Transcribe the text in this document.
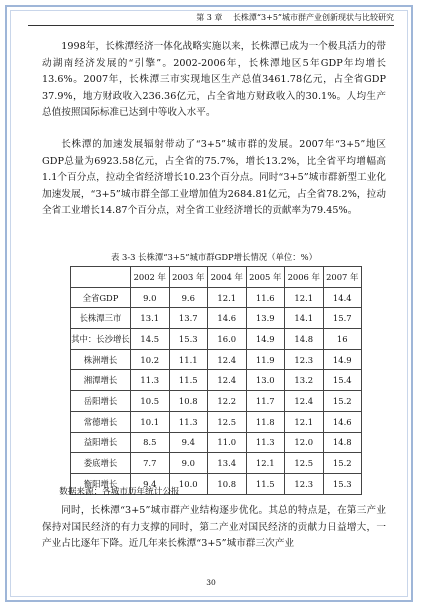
第 3 章 长株潭“3+5”城市群产业创新现状与比较研究

1998年，长株潭经济一体化战略实施以来，长株潭已成为一个极具活力的带动湖南经济发展的“引擎”。2002-2006年，长株潭地区5年GDP年均增长13.6%。2007年，长株潭三市实现地区生产总值3461.78亿元，占全省GDP 37.9%，地方财政收入236.36亿元，占全省地方财政收入的30.1%。人均生产总值按照国际标准已达到中等收入水平。

长株潭的加速发展辐射带动了“3+5”城市群的发展。2007年“3+5”地区GDP总量为6923.58亿元，占全省的75.7%，增长13.2%，比全省平均增幅高1.1个百分点，拉动全省经济增长10.23个百分点。同时“3+5”城市群新型工业化加速发展，“3+5”城市群全部工业增加值为2684.81亿元，占全省78.2%，拉动全省工业增长14.87个百分点，对全省工业经济增长的贡献率为79.45%。

表 3-3 长株潭“3+5”城市群GDP增长情况（单位：%）
	2002 年	2003 年	2004 年	2005 年	2006 年	2007 年
全省GDP	9.0	9.6	12.1	11.6	12.1	14.4
长株潭三市	13.1	13.7	14.6	13.9	14.1	15.7
其中：长沙增长	14.5	15.3	16.0	14.9	14.8	16
株洲增长	10.2	11.1	12.4	11.9	12.3	14.9
湘潭增长	11.3	11.5	12.4	13.0	13.2	15.4
岳阳增长	10.5	10.8	12.2	11.7	12.4	15.2
常德增长	10.1	11.3	12.5	11.8	12.1	14.6
益阳增长	8.5	9.4	11.0	11.3	12.0	14.8
娄底增长	7.7	9.0	13.4	12.1	12.5	15.2
衡阳增长	9.4	10.0	10.8	11.5	12.3	15.3
数据来源：各城市历年统计公报

同时，长株潭“3+5”城市群产业结构逐步优化。其总的特点是，在第三产业保持对国民经济的有力支撑的同时，第二产业对国民经济的贡献力日益增大，一产业占比逐年下降。近几年来长株潭“3+5”城市群三次产业

30
